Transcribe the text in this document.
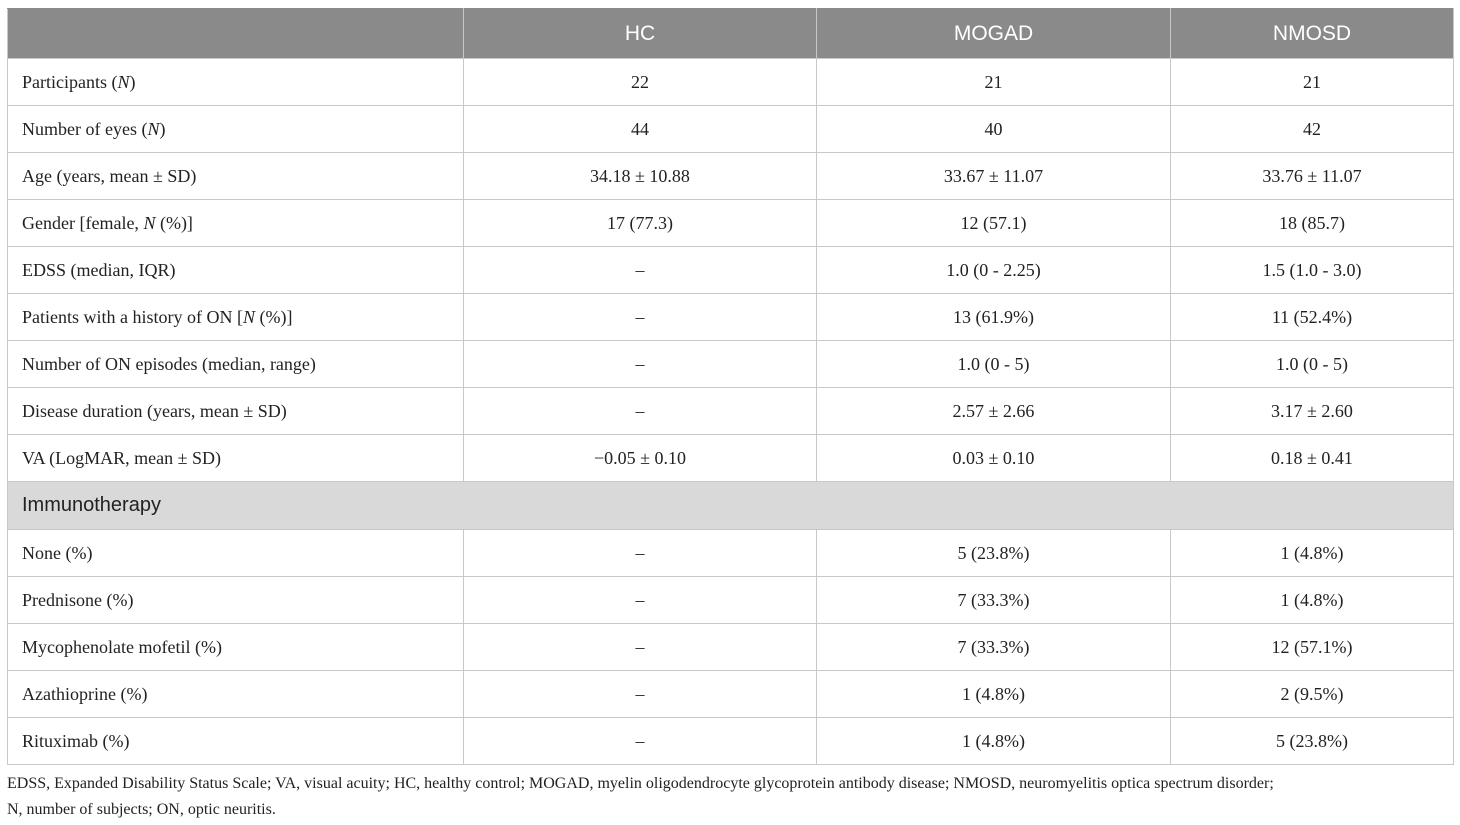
	HC	MOGAD	NMOSD
Participants (N)	22	21	21
Number of eyes (N)	44	40	42
Age (years, mean ± SD)	34.18 ± 10.88	33.67 ± 11.07	33.76 ± 11.07
Gender [female, N (%)]	17 (77.3)	12 (57.1)	18 (85.7)
EDSS (median, IQR)	–	1.0 (0 - 2.25)	1.5 (1.0 - 3.0)
Patients with a history of ON [N (%)]	–	13 (61.9%)	11 (52.4%)
Number of ON episodes (median, range)	–	1.0 (0 - 5)	1.0 (0 - 5)
Disease duration (years, mean ± SD)	–	2.57 ± 2.66	3.17 ± 2.60
VA (LogMAR, mean ± SD)	−0.05 ± 0.10	0.03 ± 0.10	0.18 ± 0.41
Immunotherapy			
None (%)	–	5 (23.8%)	1 (4.8%)
Prednisone (%)	–	7 (33.3%)	1 (4.8%)
Mycophenolate mofetil (%)	–	7 (33.3%)	12 (57.1%)
Azathioprine (%)	–	1 (4.8%)	2 (9.5%)
Rituximab (%)	–	1 (4.8%)	5 (23.8%)
EDSS, Expanded Disability Status Scale; VA, visual acuity; HC, healthy control; MOGAD, myelin oligodendrocyte glycoprotein antibody disease; NMOSD, neuromyelitis optica spectrum disorder;
N, number of subjects; ON, optic neuritis.
